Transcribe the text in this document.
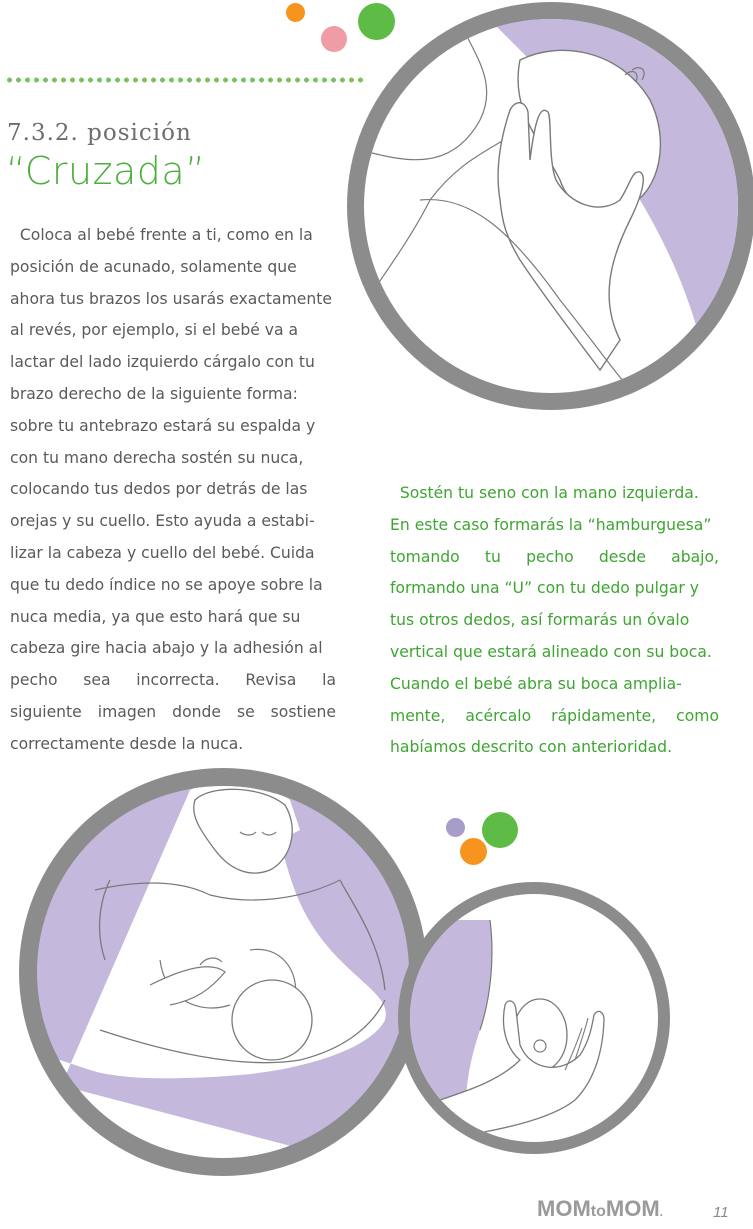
7.3.2. posición
“Cruzada”
Coloca al bebé frente a ti, como en la
posición de acunado, solamente que
ahora tus brazos los usarás exactamente
al revés, por ejemplo, si el bebé va a
lactar del lado izquierdo cárgalo con tu
brazo derecho de la siguiente forma:
sobre tu antebrazo estará su espalda y
con tu mano derecha sostén su nuca,
colocando tus dedos por detrás de las
orejas y su cuello. Esto ayuda a estabi-
lizar la cabeza y cuello del bebé. Cuida
que tu dedo índice no se apoye sobre la
nuca media, ya que esto hará que su
cabeza gire hacia abajo y la adhesión al
pecho sea incorrecta. Revisa la
siguiente imagen donde se sostiene
correctamente desde la nuca.
Sostén tu seno con la mano izquierda.
En este caso formarás la “hamburguesa”
tomando tu pecho desde abajo,
formando una “U” con tu dedo pulgar y
tus otros dedos, así formarás un óvalo
vertical que estará alineado con su boca.
Cuando el bebé abra su boca amplia-
mente, acércalo rápidamente, como
habíamos descrito con anterioridad.
MOMtoMOM.	11
